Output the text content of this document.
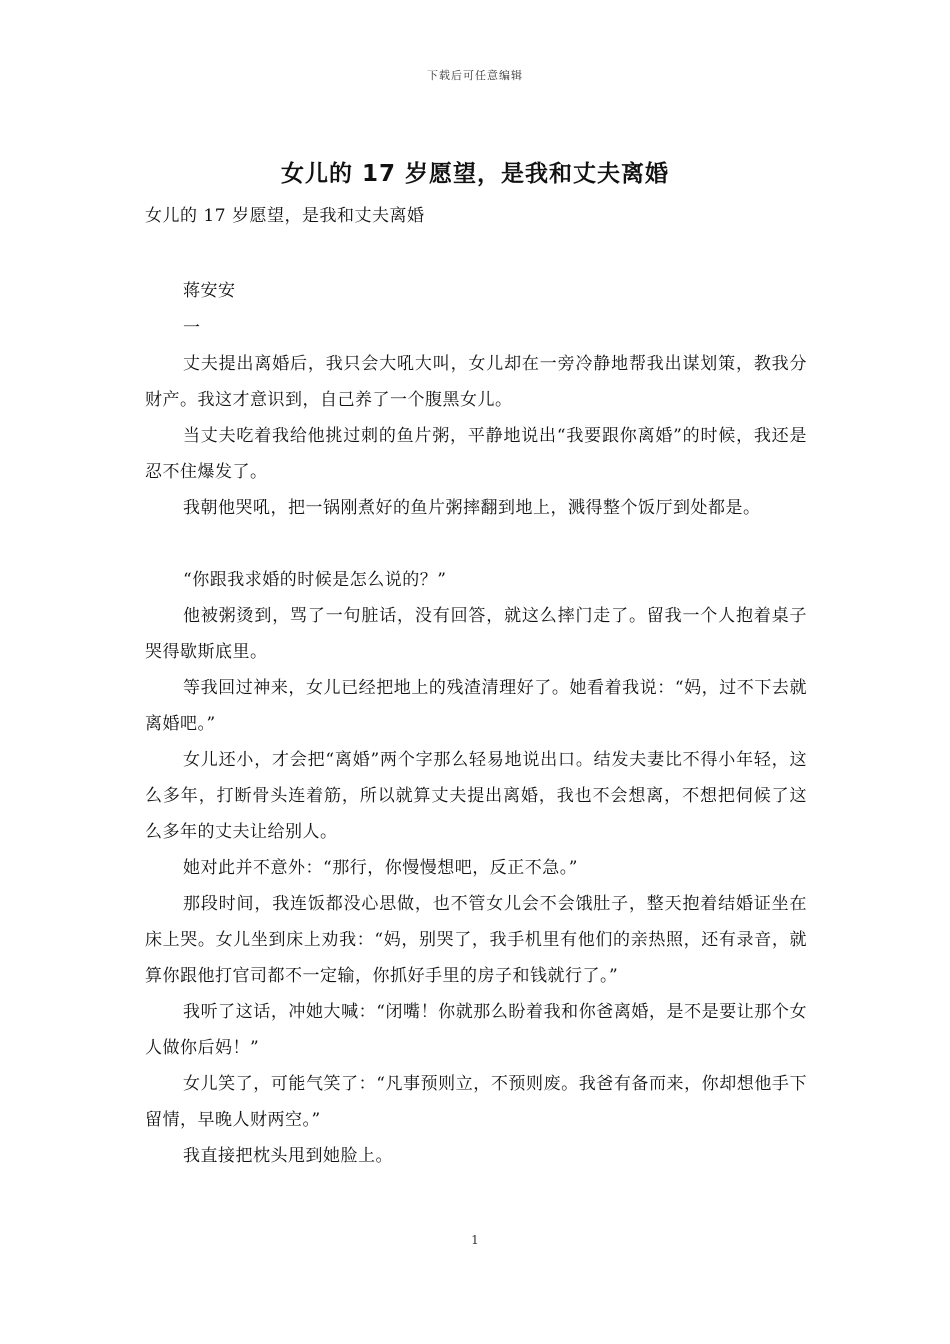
下载后可任意编辑
女儿的 17 岁愿望，是我和丈夫离婚
女儿的 17 岁愿望，是我和丈夫离婚
蒋安安
一

丈夫提出离婚后，我只会大吼大叫，女儿却在一旁冷静地帮我出谋划策，教我分财产。我这才意识到，自己养了一个腹黑女儿。

当丈夫吃着我给他挑过刺的鱼片粥，平静地说出“我要跟你离婚”的时候，我还是忍不住爆发了。

我朝他哭吼，把一锅刚煮好的鱼片粥摔翻到地上，溅得整个饭厅到处都是。

“你跟我求婚的时候是怎么说的？”

他被粥烫到，骂了一句脏话，没有回答，就这么摔门走了。留我一个人抱着桌子哭得歇斯底里。

等我回过神来，女儿已经把地上的残渣清理好了。她看着我说：“妈，过不下去就离婚吧。”

女儿还小，才会把“离婚”两个字那么轻易地说出口。结发夫妻比不得小年轻，这么多年，打断骨头连着筋，所以就算丈夫提出离婚，我也不会想离，不想把伺候了这么多年的丈夫让给别人。

她对此并不意外：“那行，你慢慢想吧，反正不急。”

那段时间，我连饭都没心思做，也不管女儿会不会饿肚子，整天抱着结婚证坐在床上哭。女儿坐到床上劝我：“妈，别哭了，我手机里有他们的亲热照，还有录音，就算你跟他打官司都不一定输，你抓好手里的房子和钱就行了。”

我听了这话，冲她大喊：“闭嘴！你就那么盼着我和你爸离婚，是不是要让那个女人做你后妈！”

女儿笑了，可能气笑了：“凡事预则立，不预则废。我爸有备而来，你却想他手下留情，早晚人财两空。”

我直接把枕头甩到她脸上。

1
